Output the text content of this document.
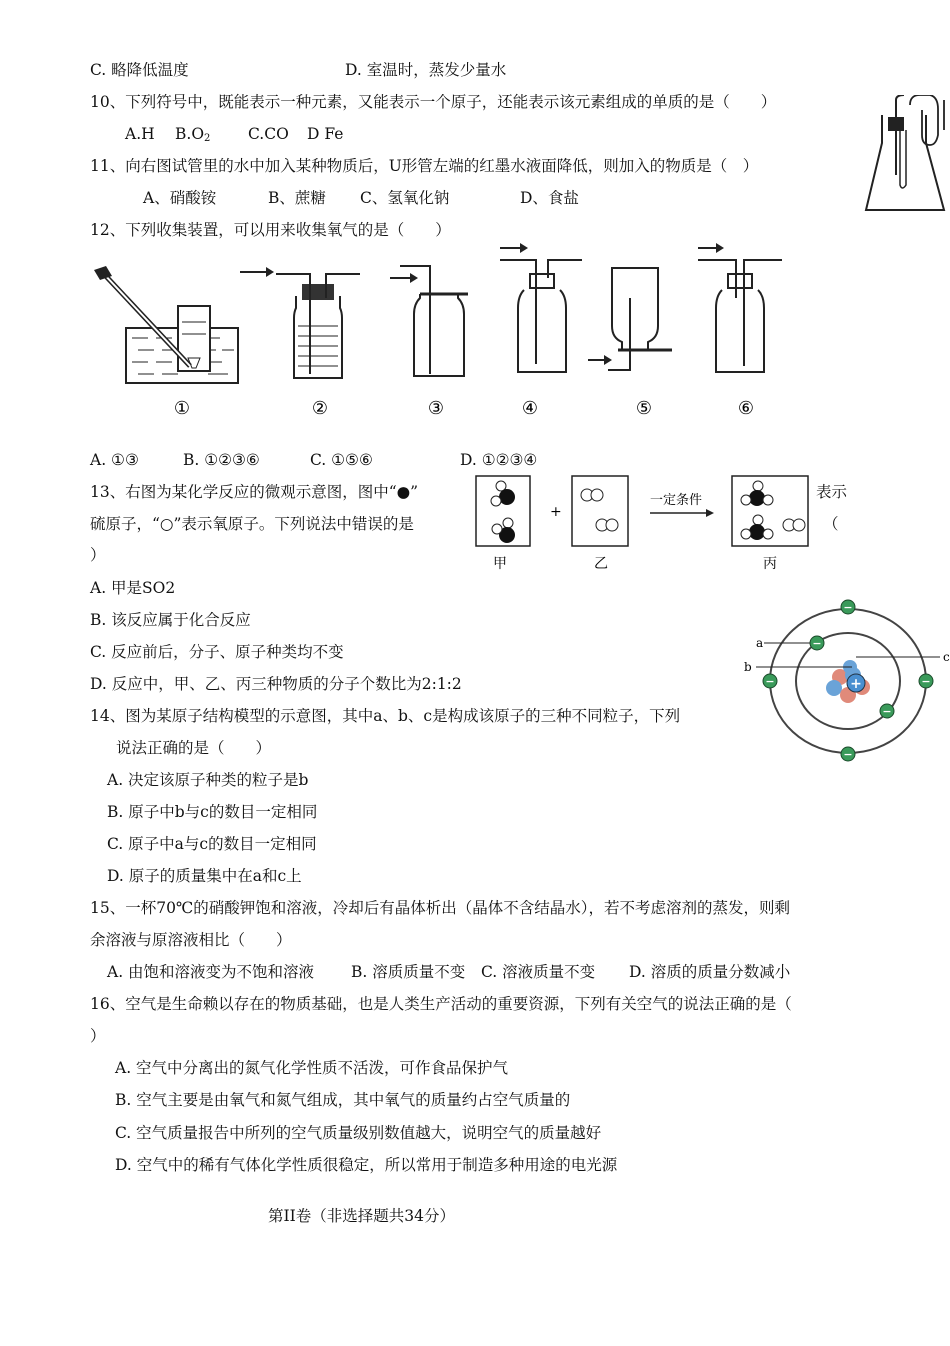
C. 略降低温度	D. 室温时，蒸发少量水
10、下列符号中，既能表示一种元素，又能表示一个原子，还能表示该元素组成的单质的是（　　）
A.H $B.O_2$ C.CO D Fe
11、向右图试管里的水中加入某种物质后，U形管左端的红墨水液面降低，则加入的物质是（　）
A、硝酸铵	B、蔗糖 C、氢氧化钠	D、食盐
12、下列收集装置，可以用来收集氧气的是（　　）
①	②	③	④	⑤	⑥
A. ①③	B. ①②③⑥	C. ①⑤⑥	D. ①②③④
13、右图为某化学反应的微观示意图，图中“●”	表示
硫原子，“○”表示氧原子。下列说法中错误的是	（
）
+
一定条件
甲	乙	丙
A. 甲是SO2
B. 该反应属于化合反应
C. 反应前后，分子、原子种类均不变
D. 反应中，甲、乙、丙三种物质的分子个数比为2:1:2	+
−
−
−	−
−
−
a
b
c
14、图为某原子结构模型的示意图，其中a、b、c是构成该原子的三种不同粒子，下列
说法正确的是（　　）
A. 决定该原子种类的粒子是b
B. 原子中b与c的数目一定相同
C. 原子中a与c的数目一定相同
D. 原子的质量集中在a和c上
15、一杯70℃的硝酸钾饱和溶液，冷却后有晶体析出（晶体不含结晶水），若不考虑溶剂的蒸发，则剩
余溶液与原溶液相比（　　）
A. 由饱和溶液变为不饱和溶液 B. 溶质质量不变 C. 溶液质量不变 D. 溶质的质量分数减小
16、空气是生命赖以存在的物质基础，也是人类生产活动的重要资源，下列有关空气的说法正确的是（
）
A. 空气中分离出的氮气化学性质不活泼，可作食品保护气
B. 空气主要是由氧气和氮气组成，其中氧气的质量约占空气质量的
C. 空气质量报告中所列的空气质量级别数值越大，说明空气的质量越好
D. 空气中的稀有气体化学性质很稳定，所以常用于制造多种用途的电光源
第II卷（非选择题共34分）
